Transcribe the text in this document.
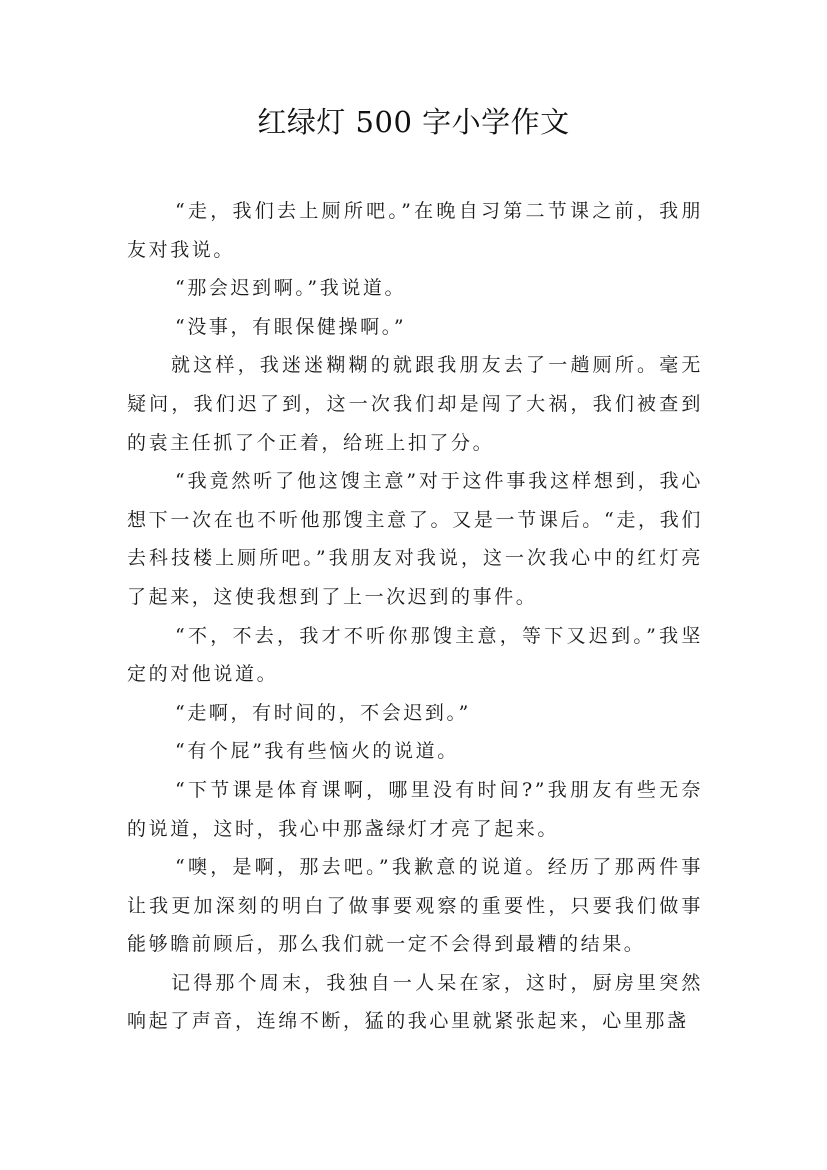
红绿灯 500 字小学作文

“走，我们去上厕所吧。”在晚自习第二节课之前，我朋友对我说。

“那会迟到啊。”我说道。

“没事，有眼保健操啊。”

就这样，我迷迷糊糊的就跟我朋友去了一趟厕所。毫无疑问，我们迟了到，这一次我们却是闯了大祸，我们被查到的袁主任抓了个正着，给班上扣了分。

“我竟然听了他这馊主意”对于这件事我这样想到，我心想下一次在也不听他那馊主意了。又是一节课后。“走，我们去科技楼上厕所吧。”我朋友对我说，这一次我心中的红灯亮了起来，这使我想到了上一次迟到的事件。

“不，不去，我才不听你那馊主意，等下又迟到。”我坚定的对他说道。

“走啊，有时间的，不会迟到。”

“有个屁”我有些恼火的说道。

“下节课是体育课啊，哪里没有时间?”我朋友有些无奈的说道，这时，我心中那盏绿灯才亮了起来。

“噢，是啊，那去吧。”我歉意的说道。经历了那两件事让我更加深刻的明白了做事要观察的重要性，只要我们做事能够瞻前顾后，那么我们就一定不会得到最糟的结果。

记得那个周末，我独自一人呆在家，这时，厨房里突然响起了声音，连绵不断，猛的我心里就紧张起来，心里那盏
